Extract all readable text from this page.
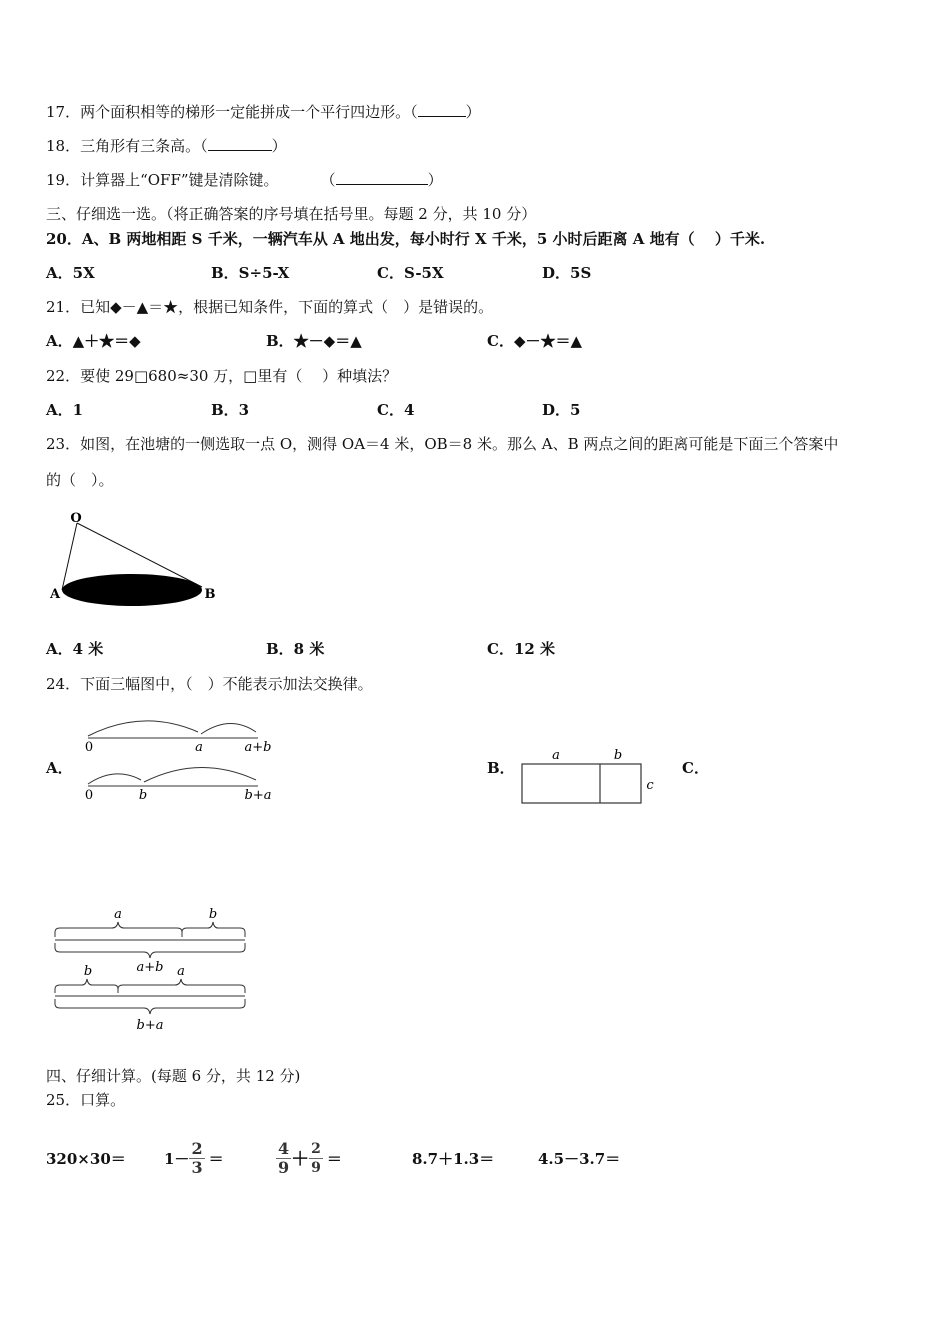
17．两个面积相等的梯形一定能拼成一个平行四边形。（	）
18．三角形有三条高。（	）
19．计算器上“OFF”键是清除键。	（	）
三、仔细选一选。（将正确答案的序号填在括号里。每题 2 分，共 10 分）
20．A、B 两地相距 S 千米，一辆汽车从 A 地出发，每小时行 X 千米，5 小时后距离 A 地有（　 ）千米.
A．5X	B．S÷5-X	C．S-5X	D．5S
21．已知◆－▲＝★，根据已知条件，下面的算式（　）是错误的。
A．▲＋★＝◆	B．★－◆＝▲	C．◆－★＝▲
22．要使 29□680≈30 万，□里有（　 ）种填法？
A．1	B．3	C．4	D．5
23．如图，在池塘的一侧选取一点 O，测得 OA＝4 米，OB＝8 米。那么 A、B 两点之间的距离可能是下面三个答案中
的（　）。
O
A	B
A．4 米	B．8 米	C．12 米
24．下面三幅图中，（　）不能表示加法交换律。
A．
0	a	a+b
0	b	b+a
B．
a	b
c
C．
a	b
a+b
b	a
b+a
四、仔细计算。(每题 6 分，共 12 分)
25．口算。
320×30＝	$1- \frac{2}{3}$ ＝	$\frac{4}{9} + \frac{2}{9}$ ＝	8.7＋1.3＝	4.5－3.7＝
